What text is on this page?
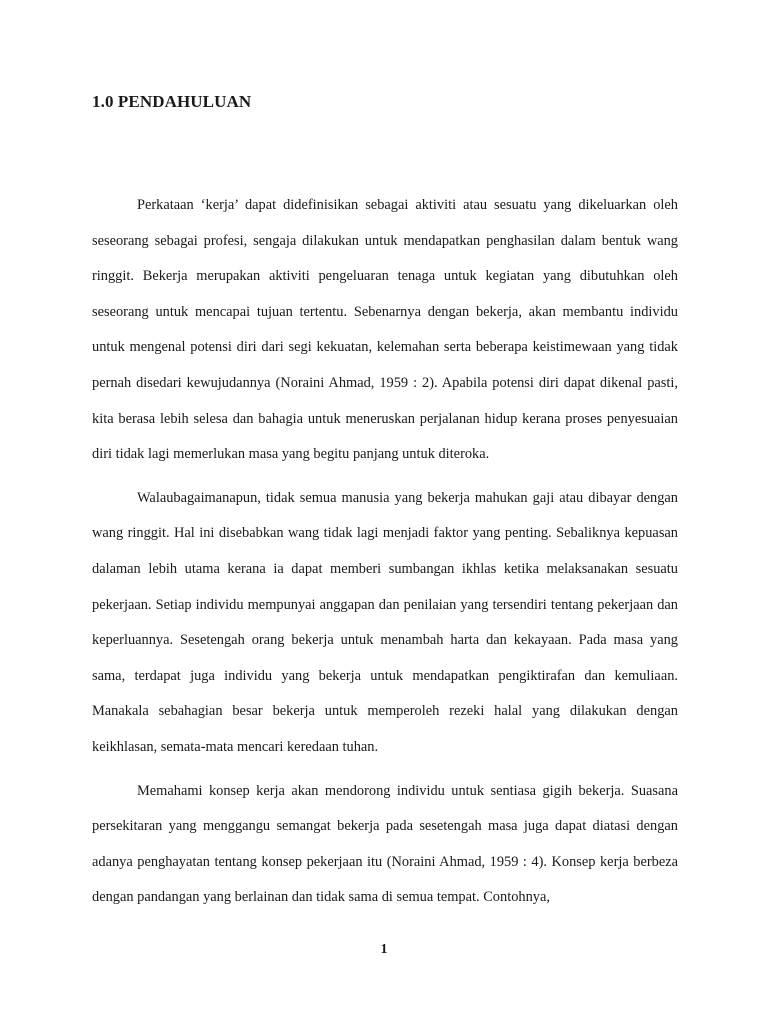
1.0 PENDAHULUAN

Perkataan ‘kerja’ dapat didefinisikan sebagai aktiviti atau sesuatu yang dikeluarkan oleh seseorang sebagai profesi, sengaja dilakukan untuk mendapatkan penghasilan dalam bentuk wang ringgit. Bekerja merupakan aktiviti pengeluaran tenaga untuk kegiatan yang dibutuhkan oleh seseorang untuk mencapai tujuan tertentu. Sebenarnya dengan bekerja, akan membantu individu untuk mengenal potensi diri dari segi kekuatan, kelemahan serta beberapa keistimewaan yang tidak pernah disedari kewujudannya (Noraini Ahmad, 1959 : 2). Apabila potensi diri dapat dikenal pasti, kita berasa lebih selesa dan bahagia untuk meneruskan perjalanan hidup kerana proses penyesuaian diri tidak lagi memerlukan masa yang begitu panjang untuk diteroka.

Walaubagaimanapun, tidak semua manusia yang bekerja mahukan gaji atau dibayar dengan wang ringgit. Hal ini disebabkan wang tidak lagi menjadi faktor yang penting. Sebaliknya kepuasan dalaman lebih utama kerana ia dapat memberi sumbangan ikhlas ketika melaksanakan sesuatu pekerjaan. Setiap individu mempunyai anggapan dan penilaian yang tersendiri tentang pekerjaan dan keperluannya. Sesetengah orang bekerja untuk menambah harta dan kekayaan. Pada masa yang sama, terdapat juga individu yang bekerja untuk mendapatkan pengiktirafan dan kemuliaan. Manakala sebahagian besar bekerja untuk memperoleh rezeki halal yang dilakukan dengan keikhlasan, semata-mata mencari keredaan tuhan.

Memahami konsep kerja akan mendorong individu untuk sentiasa gigih bekerja. Suasana persekitaran yang menggangu semangat bekerja pada sesetengah masa juga dapat diatasi dengan adanya penghayatan tentang konsep pekerjaan itu (Noraini Ahmad, 1959 : 4). Konsep kerja berbeza dengan pandangan yang berlainan dan tidak sama di semua tempat. Contohnya,

1
